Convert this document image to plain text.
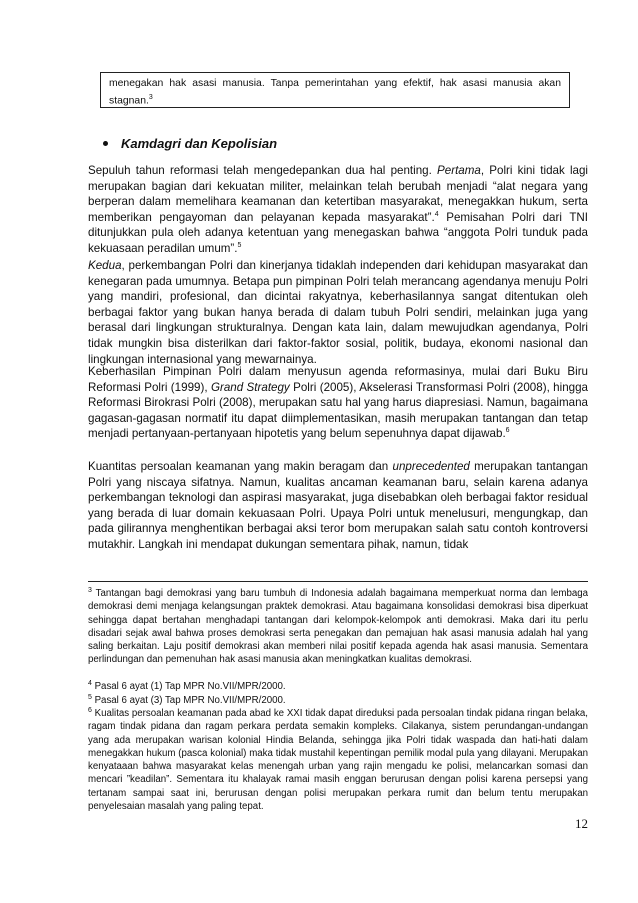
menegakan hak asasi manusia. Tanpa pemerintahan yang efektif, hak asasi manusia akan stagnan.$^3$

Kamdagri dan Kepolisian

Sepuluh tahun reformasi telah mengedepankan dua hal penting. Pertama, Polri kini tidak lagi merupakan bagian dari kekuatan militer, melainkan telah berubah menjadi “alat negara yang berperan dalam memelihara keamanan dan ketertiban masyarakat, menegakkan hukum, serta memberikan pengayoman dan pelayanan kepada masyarakat”.$^4$ Pemisahan Polri dari TNI ditunjukkan pula oleh adanya ketentuan yang menegaskan bahwa “anggota Polri tunduk pada kekuasaan peradilan umum”.$^5$

Kedua, perkembangan Polri dan kinerjanya tidaklah independen dari kehidupan masyarakat dan kenegaran pada umumnya. Betapa pun pimpinan Polri telah merancang agendanya menuju Polri yang mandiri, profesional, dan dicintai rakyatnya, keberhasilannya sangat ditentukan oleh berbagai faktor yang bukan hanya berada di dalam tubuh Polri sendiri, melainkan juga yang berasal dari lingkungan strukturalnya. Dengan kata lain, dalam mewujudkan agendanya, Polri tidak mungkin bisa disterilkan dari faktor-faktor sosial, politik, budaya, ekonomi nasional dan lingkungan internasional yang mewarnainya.

Keberhasilan Pimpinan Polri dalam menyusun agenda reformasinya, mulai dari Buku Biru Reformasi Polri (1999), Grand Strategy Polri (2005), Akselerasi Transformasi Polri (2008), hingga Reformasi Birokrasi Polri (2008), merupakan satu hal yang harus diapresiasi. Namun, bagaimana gagasan-gagasan normatif itu dapat diimplementasikan, masih merupakan tantangan dan tetap menjadi pertanyaan-pertanyaan hipotetis yang belum sepenuhnya dapat dijawab.$^6$

Kuantitas persoalan keamanan yang makin beragam dan unprecedented merupakan tantangan Polri yang niscaya sifatnya. Namun, kualitas ancaman keamanan baru, selain karena adanya perkembangan teknologi dan aspirasi masyarakat, juga disebabkan oleh berbagai faktor residual yang berada di luar domain kekuasaan Polri. Upaya Polri untuk menelusuri, mengungkap, dan pada gilirannya menghentikan berbagai aksi teror bom merupakan salah satu contoh kontroversi mutakhir. Langkah ini mendapat dukungan sementara pihak, namun, tidak

$^3$ Tantangan bagi demokrasi yang baru tumbuh di Indonesia adalah bagaimana memperkuat norma dan lembaga demokrasi demi menjaga kelangsungan praktek demokrasi. Atau bagaimana konsolidasi demokrasi bisa diperkuat sehingga dapat bertahan menghadapi tantangan dari kelompok-kelompok anti demokrasi. Maka dari itu perlu disadari sejak awal bahwa proses demokrasi serta penegakan dan pemajuan hak asasi manusia adalah hal yang saling berkaitan. Laju positif demokrasi akan memberi nilai positif kepada agenda hak asasi manusia. Sementara perlindungan dan pemenuhan hak asasi manusia akan meningkatkan kualitas demokrasi.

$^4$ Pasal 6 ayat (1) Tap MPR No.VII/MPR/2000.

$^5$ Pasal 6 ayat (3) Tap MPR No.VII/MPR/2000.

$^6$ Kualitas persoalan keamanan pada abad ke XXI tidak dapat direduksi pada persoalan tindak pidana ringan belaka, ragam tindak pidana dan ragam perkara perdata semakin kompleks. Cilakanya, sistem perundangan-undangan yang ada merupakan warisan kolonial Hindia Belanda, sehingga jika Polri tidak waspada dan hati-hati dalam menegakkan hukum (pasca kolonial) maka tidak mustahil kepentingan pemilik modal pula yang dilayani. Merupakan kenyataaan bahwa masyarakat kelas menengah urban yang rajin mengadu ke polisi, melancarkan somasi dan mencari ”keadilan”. Sementara itu khalayak ramai masih enggan berurusan dengan polisi karena persepsi yang tertanam sampai saat ini, berurusan dengan polisi merupakan perkara rumit dan belum tentu merupakan penyelesaian masalah yang paling tepat.

12
